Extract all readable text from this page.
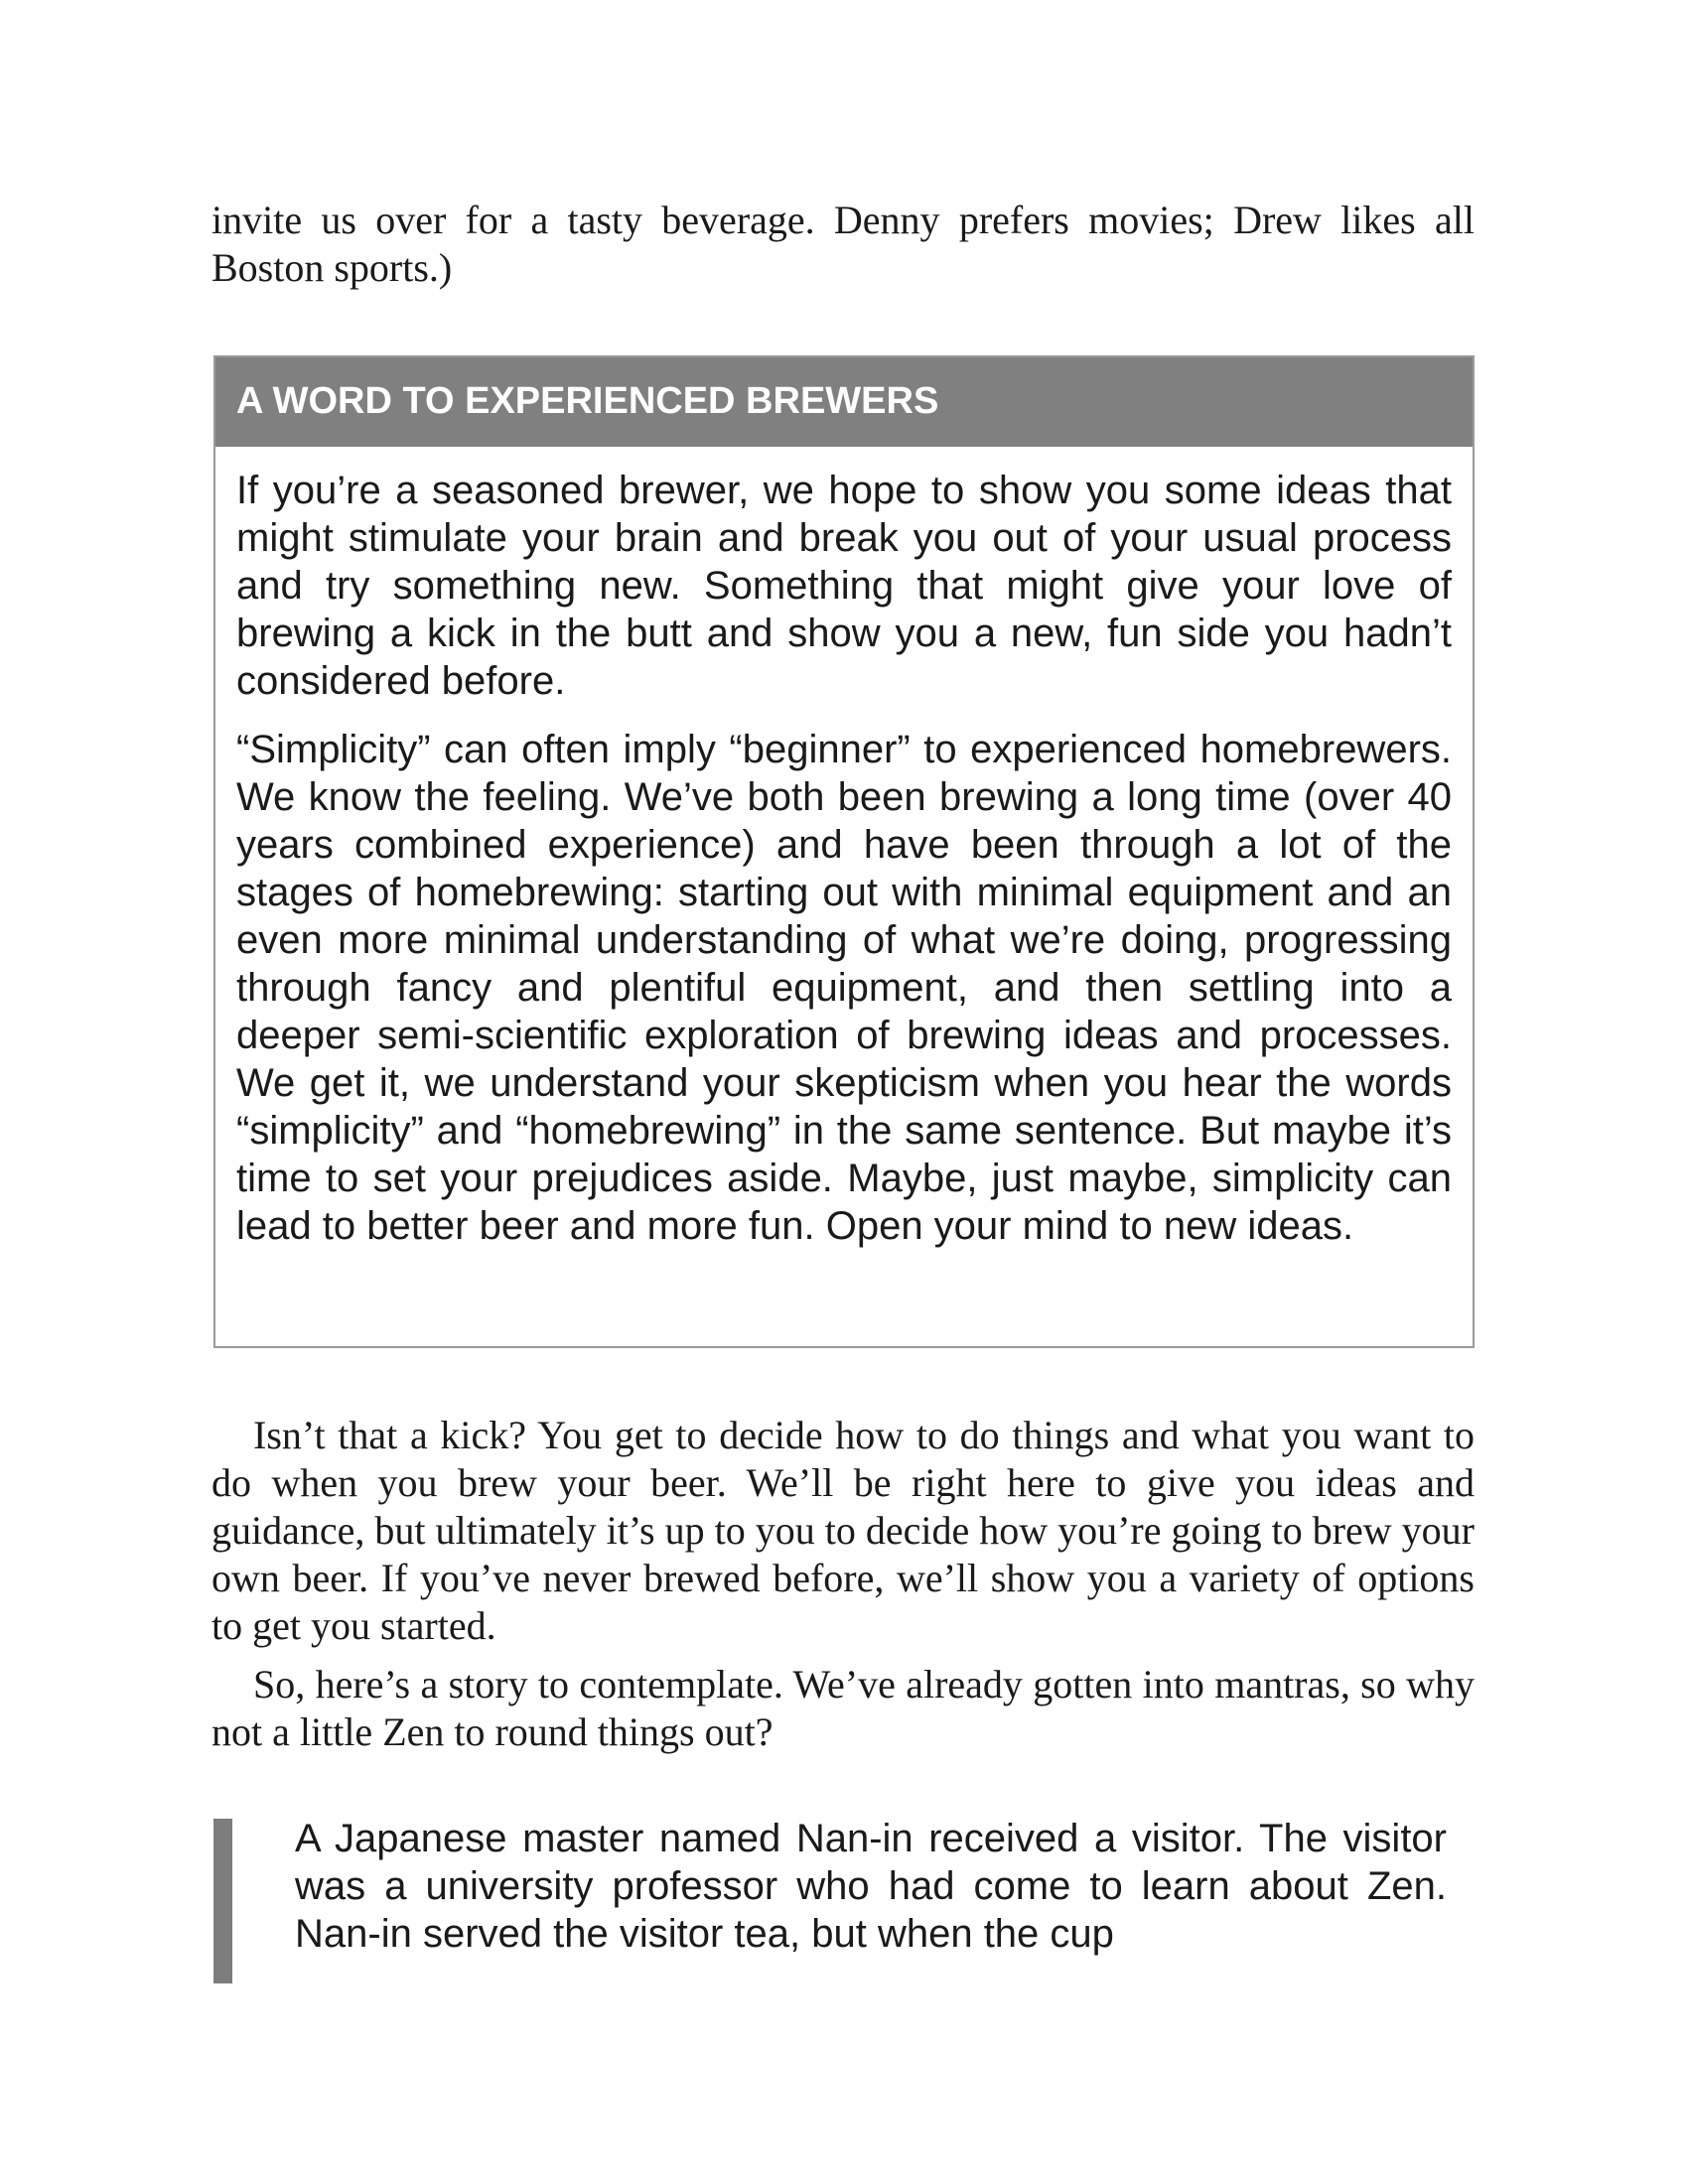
invite us over for a tasty beverage. Denny prefers movies; Drew likes all Boston sports.)

A WORD TO EXPERIENCED BREWERS

If you’re a seasoned brewer, we hope to show you some ideas that might stimulate your brain and break you out of your usual process and try something new. Something that might give your love of brewing a kick in the butt and show you a new, fun side you hadn’t considered before.

“Simplicity” can often imply “beginner” to experienced homebrewers. We know the feeling. We’ve both been brewing a long time (over 40 years combined experience) and have been through a lot of the stages of homebrewing: starting out with minimal equipment and an even more minimal understanding of what we’re doing, progressing through fancy and plentiful equipment, and then settling into a deeper semi-scientific exploration of brewing ideas and processes. We get it, we understand your skepticism when you hear the words “simplicity” and “homebrewing” in the same sentence. But maybe it’s time to set your prejudices aside. Maybe, just maybe, simplicity can lead to better beer and more fun. Open your mind to new ideas.

Isn’t that a kick? You get to decide how to do things and what you want to do when you brew your beer. We’ll be right here to give you ideas and guidance, but ultimately it’s up to you to decide how you’re going to brew your own beer. If you’ve never brewed before, we’ll show you a variety of options to get you started.

So, here’s a story to contemplate. We’ve already gotten into mantras, so why not a little Zen to round things out?

A Japanese master named Nan-in received a visitor. The visitor was a university professor who had come to learn about Zen. Nan-in served the visitor tea, but when the cup
